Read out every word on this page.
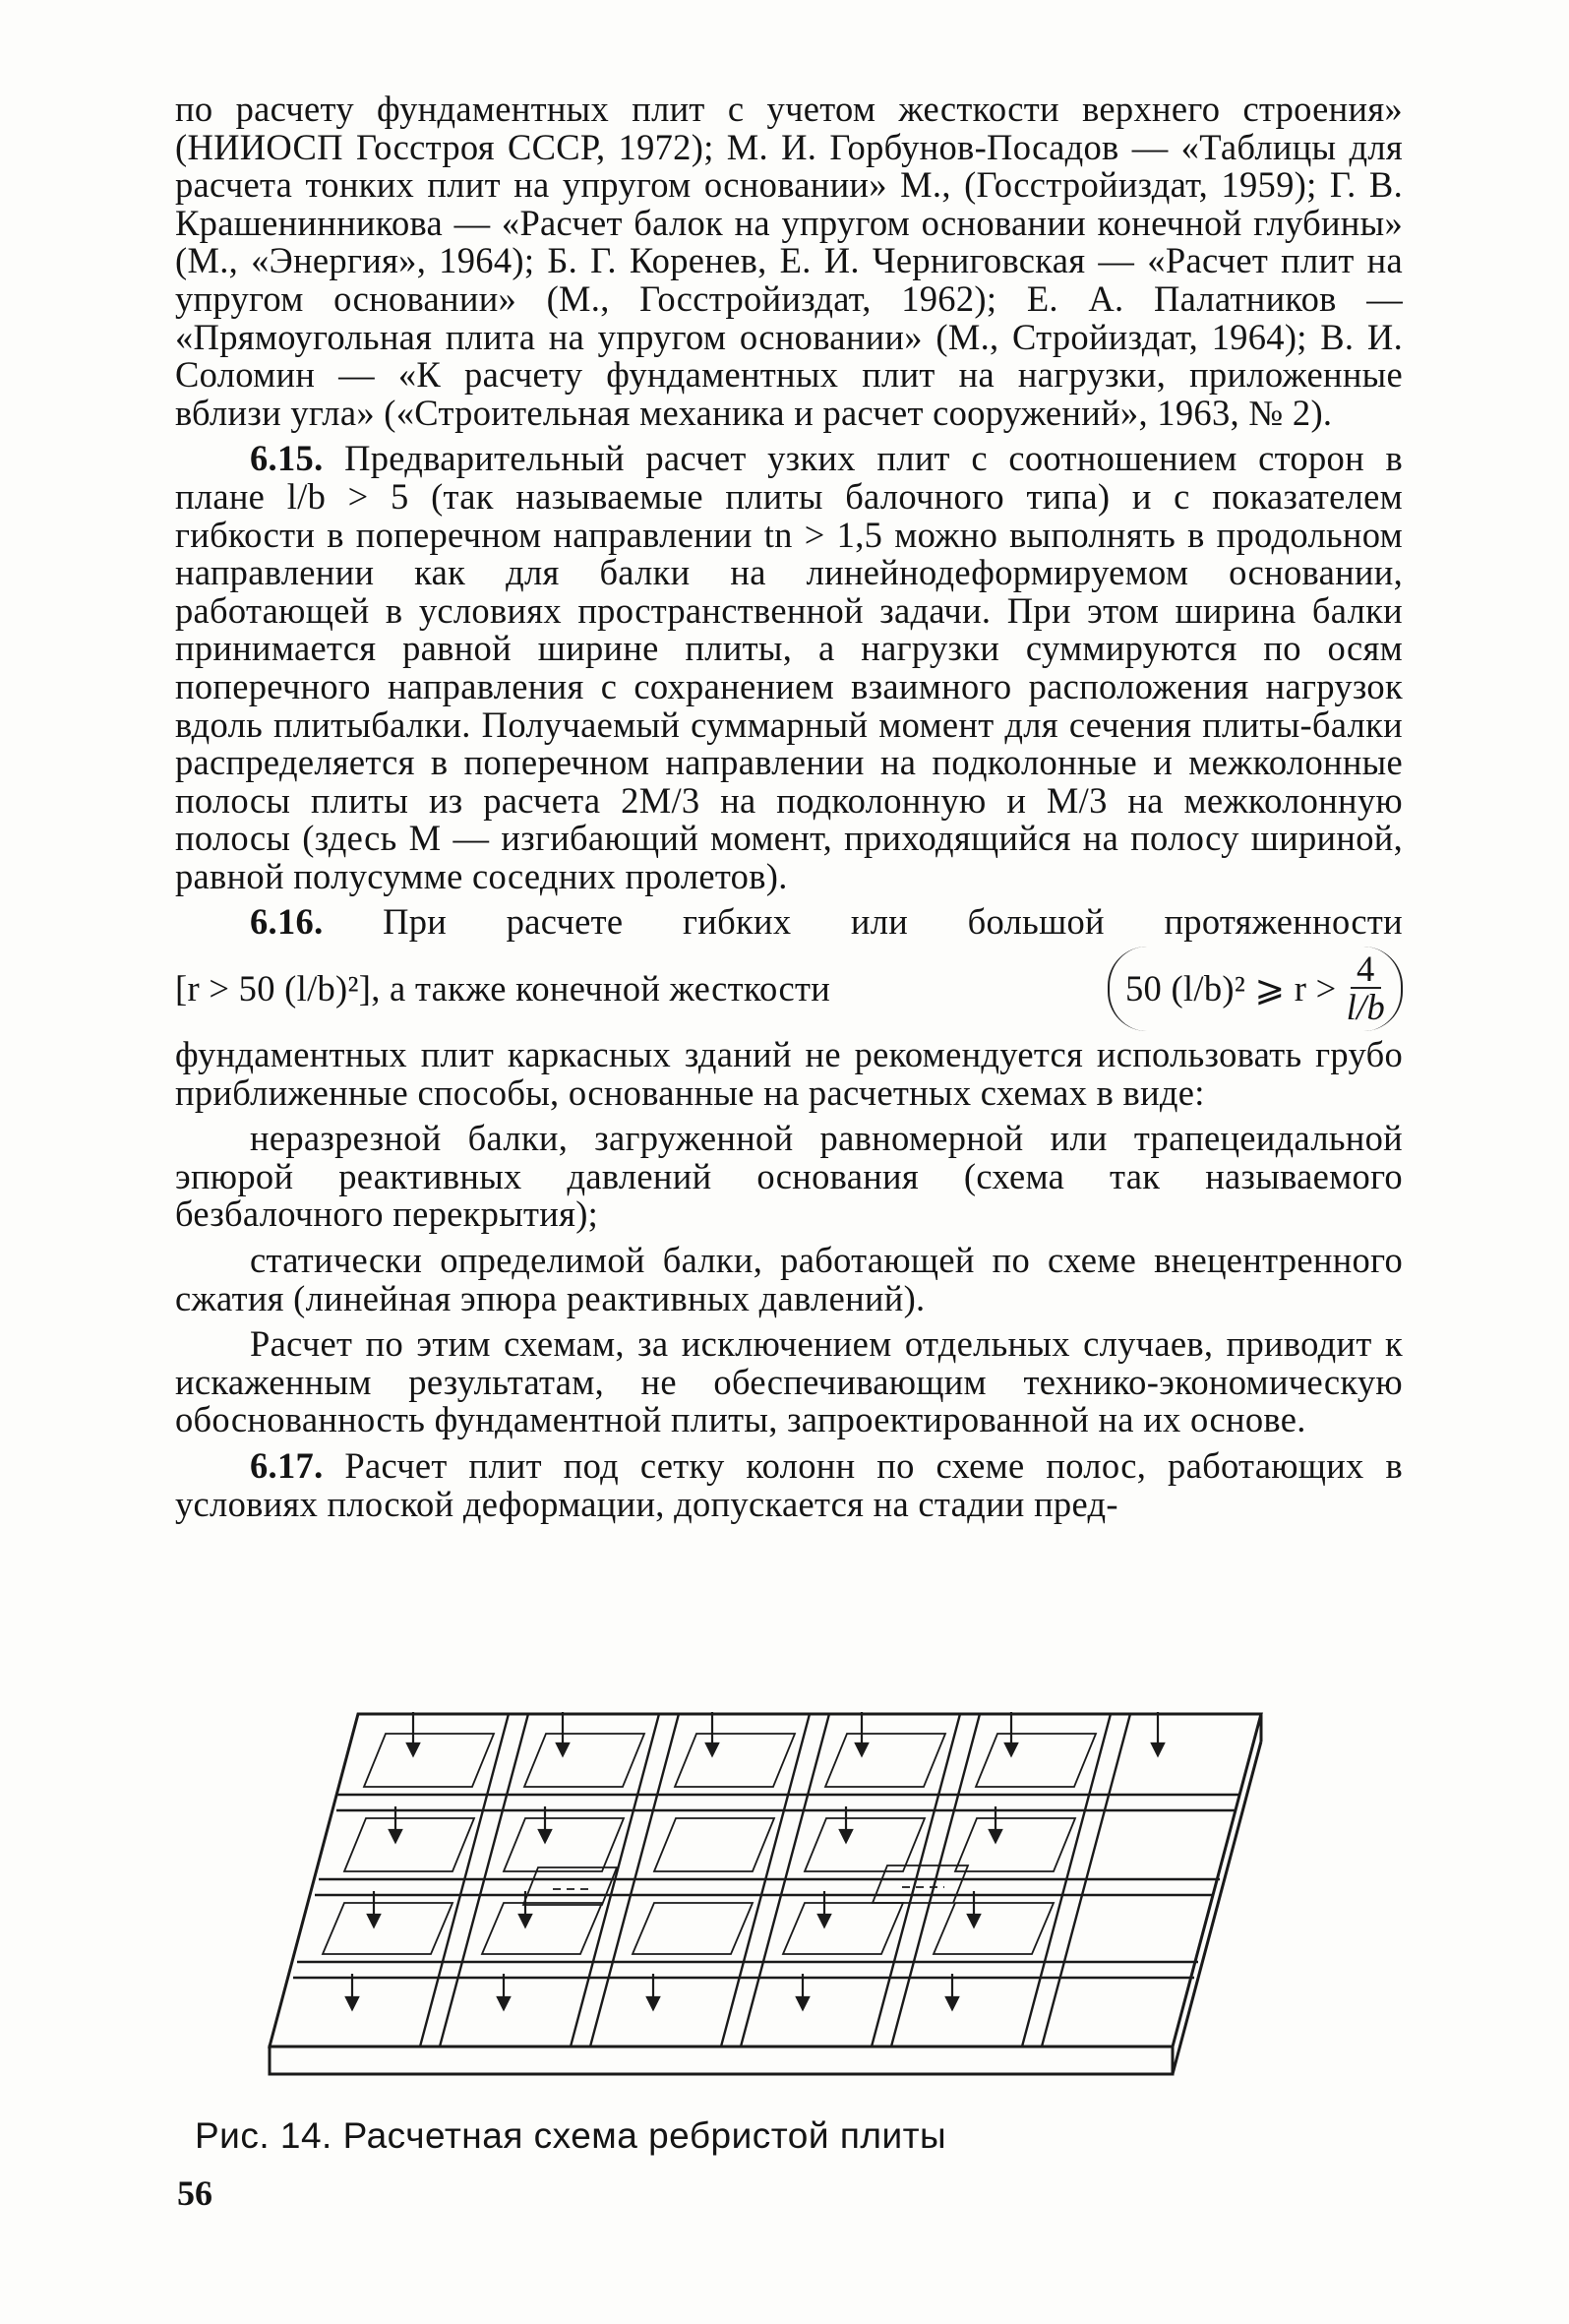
по расчету фундаментных плит с учетом жесткости верхнего строения» (НИИОСП Госстроя СССР, 1972); М. И. Горбунов-Посадов — «Таблицы для расчета тонких плит на упругом основании» М., (Госстройиздат, 1959); Г. В. Крашенинникова — «Расчет балок на упругом основании конечной глубины» (М., «Энергия», 1964); Б. Г. Коренев, Е. И. Черниговская — «Расчет плит на упругом основании» (М., Госстройиздат, 1962); Е. А. Палатников — «Прямоугольная плита на упругом основании» (М., Стройиздат, 1964); В. И. Соломин — «К расчету фундаментных плит на нагрузки, приложенные вблизи угла» («Строительная механика и расчет сооружений», 1963, № 2).

6.15. Предварительный расчет узких плит с соотношением сторон в плане l/b > 5 (так называемые плиты балочного типа) и с показателем гибкости в поперечном направлении tn > 1,5 можно выполнять в продольном направлении как для балки на линейнодеформируемом основании, работающей в условиях пространственной задачи. При этом ширина балки принимается равной ширине плиты, а нагрузки суммируются по осям поперечного направления с сохранением взаимного расположения нагрузок вдоль плитыбалки. Получаемый суммарный момент для сечения плиты-балки распределяется в поперечном направлении на подколонные и межколонные полосы плиты из расчета 2М/3 на подколонную и М/3 на межколонную полосы (здесь М — изгибающий момент, приходящийся на полосу шириной, равной полусумме соседних пролетов).

6.16. При расчете гибких или большой протяженности

[r > 50 (l/b)²], а также конечной жесткости	50 (l/b)² ⩾ $r > \frac{4}{l/b}$

фундаментных плит каркасных зданий не рекомендуется использовать грубо приближенные способы, основанные на расчетных схемах в виде:

неразрезной балки, загруженной равномерной или трапецеидальной эпюрой реактивных давлений основания (схема так называемого безбалочного перекрытия);

статически определимой балки, работающей по схеме внецентренного сжатия (линейная эпюра реактивных давлений).

Расчет по этим схемам, за исключением отдельных случаев, приводит к искаженным результатам, не обеспечивающим технико-экономическую обоснованность фундаментной плиты, запроектированной на их основе.

6.17. Расчет плит под сетку колонн по схеме полос, работающих в условиях плоской деформации, допускается на стадии пред-

Рис. 14. Расчетная схема ребристой плиты
56
